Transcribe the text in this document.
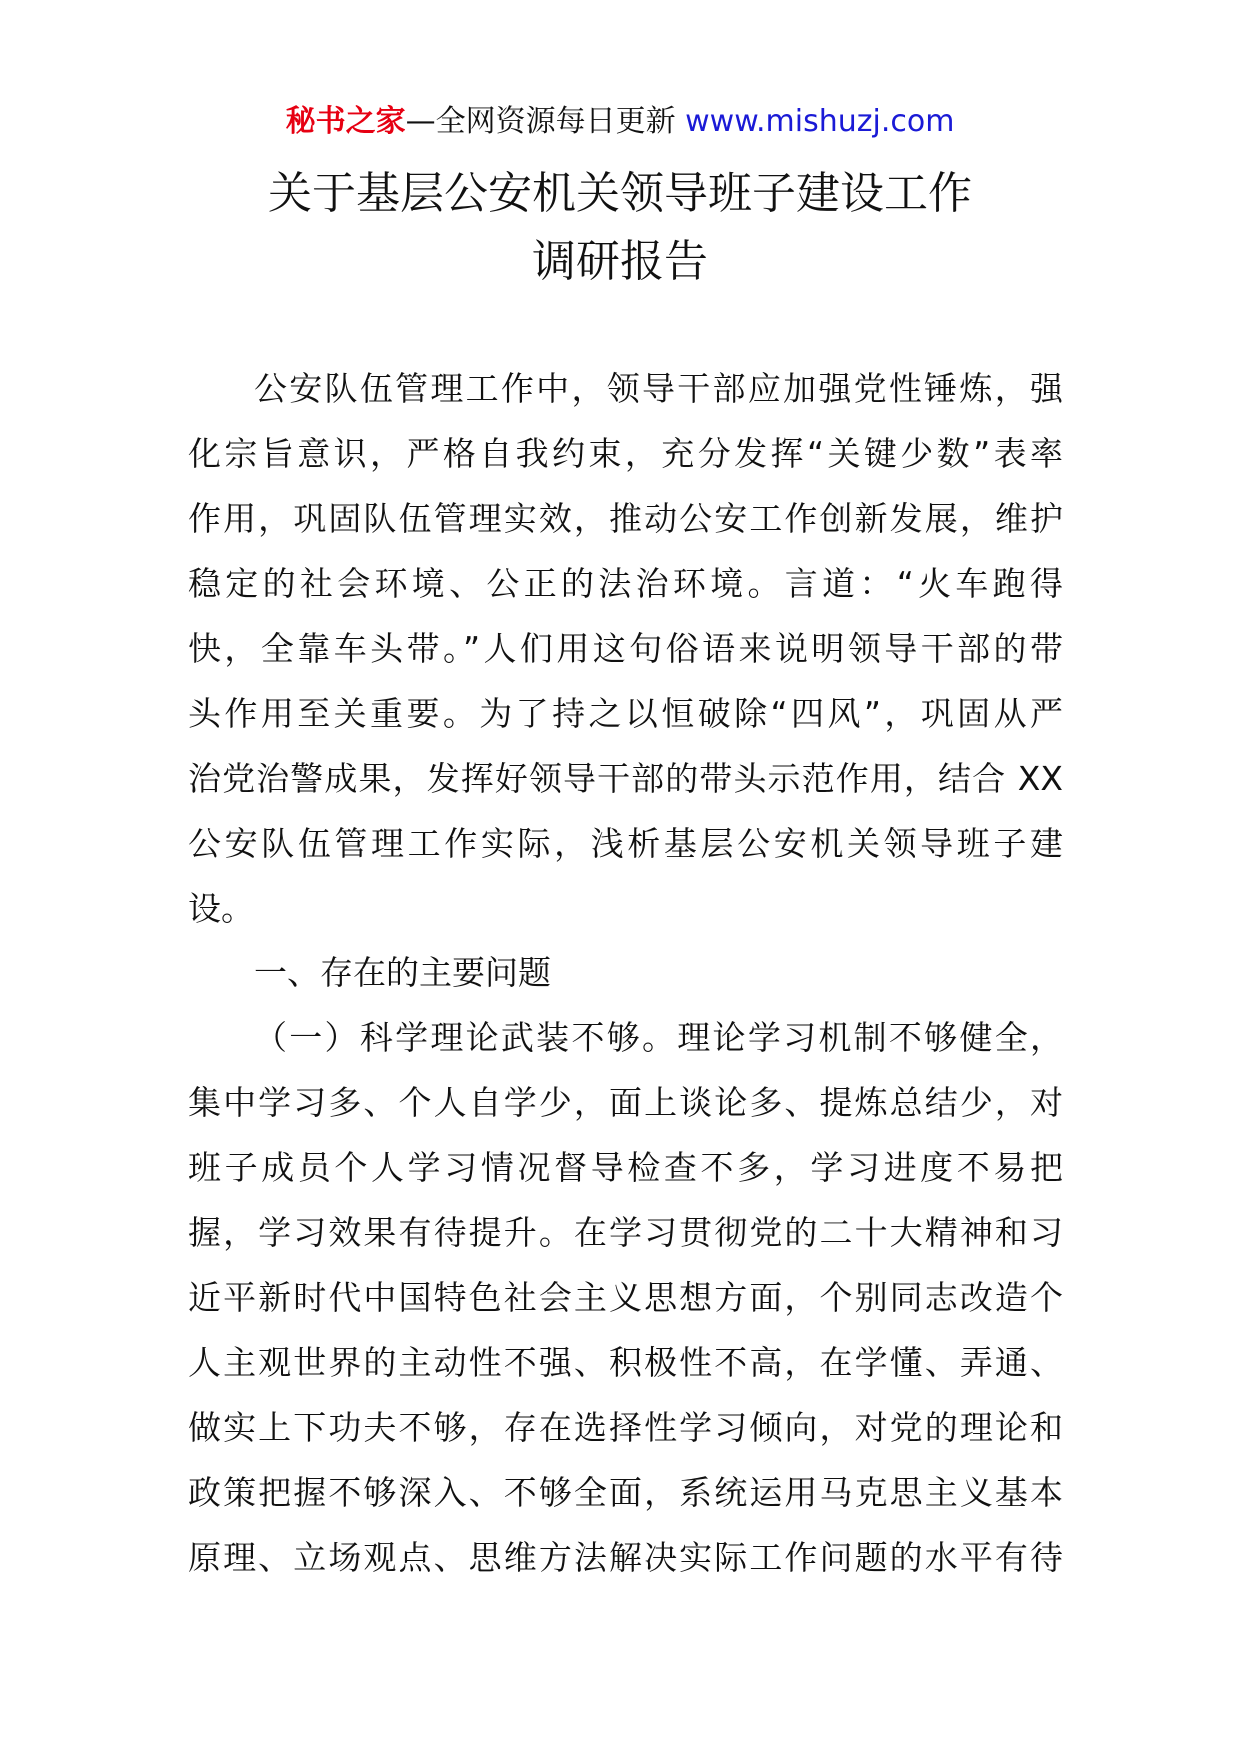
秘书之家—全网资源每日更新 www.mishuzj.com
关于基层公安机关领导班子建设工作
调研报告
公安队伍管理工作中，领导干部应加强党性锤炼，强
化宗旨意识，严格自我约束，充分发挥“关键少数”表率
作用，巩固队伍管理实效，推动公安工作创新发展，维护
稳定的社会环境、公正的法治环境。言道：“火车跑得
快，全靠车头带。”人们用这句俗语来说明领导干部的带
头作用至关重要。为了持之以恒破除“四风”，巩固从严
治党治警成果，发挥好领导干部的带头示范作用，结合 XX
公安队伍管理工作实际，浅析基层公安机关领导班子建
设。
一、存在的主要问题
（一）科学理论武装不够。理论学习机制不够健全，
集中学习多、个人自学少，面上谈论多、提炼总结少，对
班子成员个人学习情况督导检查不多，学习进度不易把
握，学习效果有待提升。在学习贯彻党的二十大精神和习
近平新时代中国特色社会主义思想方面，个别同志改造个
人主观世界的主动性不强、积极性不高，在学懂、弄通、
做实上下功夫不够，存在选择性学习倾向，对党的理论和
政策把握不够深入、不够全面，系统运用马克思主义基本
原理、立场观点、思维方法解决实际工作问题的水平有待
